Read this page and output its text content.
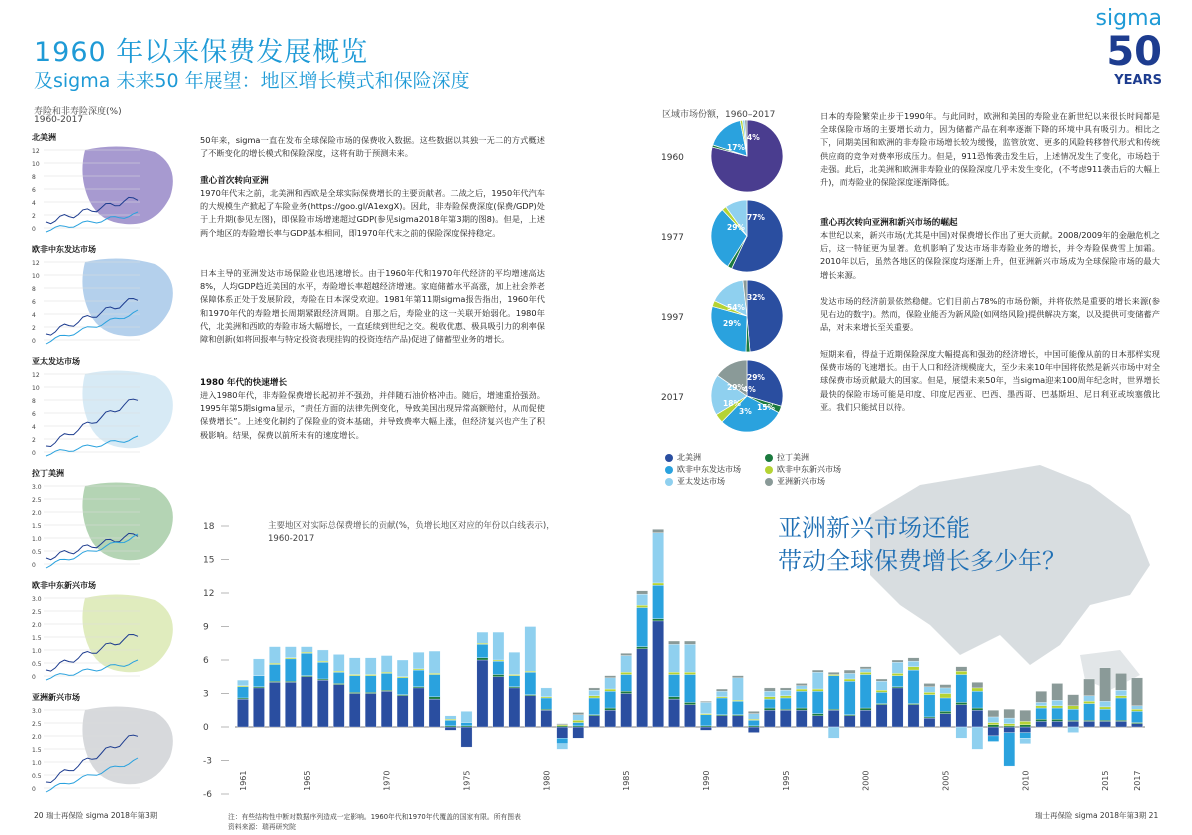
1960 年以来保费发展概览
及sigma 未来50 年展望：地区增长模式和保险深度
sigma
50
YEARS
寿险和非寿险深度(%)
1960-2017
北美洲
12
10
8
6
4
2
0
欧非中东发达市场
12
10
8
6
4
2
0
亚太发达市场
12
10
8
6
4
2
0
拉丁美洲
3.0
2.5
2.0
1.5
1.0
0.5
0
欧非中东新兴市场
3.0
2.5
2.0
1.5
1.0
0.5
0
亚洲新兴市场
3.0
2.5
2.0
1.5
1.0
0.5
0
50年来，sigma一直在发布全球保险市场的保费收入数据。这些数据以其独一无二的方式概述了不断变化的增长模式和保险深度，这将有助于预测未来。
重心首次转向亚洲
1970年代末之前，北美洲和西欧是全球实际保费增长的主要贡献者。二战之后，1950年代汽车的大规模生产掀起了车险业务(https://goo.gl/A1exgX)。因此，非寿险保费深度(保费/GDP)处于上升期(参见左图)，即保险市场增速超过GDP(参见sigma2018年第3期的图8)。但是，上述两个地区的寿险增长率与GDP基本相同，即1970年代末之前的保险深度保持稳定。
日本主导的亚洲发达市场保险业也迅速增长。由于1960年代和1970年代经济的平均增速高达8%，人均GDP趋近美国的水平，寿险增长率超越经济增速。家庭储蓄水平高涨，加上社会养老保障体系正处于发展阶段，寿险在日本深受欢迎。1981年第11期sigma报告指出，1960年代和1970年代的寿险增长周期紧跟经济周期。自那之后，寿险业的这一关联开始弱化。1980年代，北美洲和西欧的寿险市场大幅增长，一直延续到世纪之交。税收优惠、极具吸引力的利率保障和创新(如将回报率与特定投资表现挂钩的投资连结产品)促进了储蓄型业务的增长。
1980 年代的快速增长
进入1980年代，非寿险保费增长起初并不强劲，并伴随石油价格冲击。随后，增速重拾强劲。1995年第5期sigma显示，“责任方面的法律先例变化，导致美国出现异常高额赔付，从而促使保费增长”。上述变化制约了保险业的资本基础，并导致费率大幅上涨，但经济复兴也产生了积极影响。结果，保费以前所未有的速度增长。
区域市场份额，1960–2017
1960
17%
4%
1977
29%
77%
1997
54%
32%
29%
2017
29%
29%
18% 15%
4%
3%
北美洲	拉丁美洲
欧非中东发达市场	欧非中东新兴市场
亚太发达市场	亚洲新兴市场
日本的寿险繁荣止步于1990年。与此同时，欧洲和美国的寿险业在新世纪以来很长时间都是全球保险市场的主要增长动力，因为储蓄产品在利率逐渐下降的环境中具有吸引力。相比之下，同期美国和欧洲的非寿险市场增长较为缓慢，监管放宽、更多的风险转移替代形式和传统供应商的竞争对费率形成压力。但是，911恐怖袭击发生后，上述情况发生了变化，市场趋于走强。此后，北美洲和欧洲非寿险业的保险深度几乎未发生变化，(不考虑911袭击后的大幅上升)，而寿险业的保险深度逐渐降低。
重心再次转向亚洲和新兴市场的崛起
本世纪以来，新兴市场(尤其是中国)对保费增长作出了更大贡献。2008/2009年的金融危机之后，这一特征更为显著。危机影响了发达市场非寿险业务的增长，并令寿险保费雪上加霜。2010年以后，虽然各地区的保险深度均逐渐上升，但亚洲新兴市场成为全球保险市场的最大增长来源。
发达市场的经济前景依然稳健。它们目前占78%的市场份额，并将依然是重要的增长来源(参见右边的数字)。然而，保险业能否为新风险(如网络风险)提供解决方案，以及提供可变储蓄产品，对未来增长至关重要。
短期来看，得益于近期保险深度大幅提高和强劲的经济增长，中国可能像从前的日本那样实现保费市场的飞速增长。由于人口和经济规模庞大，至少未来10年中国将依然是新兴市场中对全球保费市场贡献最大的国家。但是，展望未来50年，当sigma迎来100周年纪念时，世界增长最快的保险市场可能是印度、印度尼西亚、巴西、墨西哥、巴基斯坦、尼日利亚或埃塞俄比亚。我们只能拭目以待。
亚洲新兴市场还能
带动全球保费增长多少年？
主要地区对实际总保费增长的贡献(%，负增长地区对应的年份以白线表示)，1960-2017
18
15
12
9
6
3
0
-3
-6
1961	1965	1970	1975	1980	1985	1990	1995	2000	2005	2010	2015	2017
20 瑞士再保险 sigma 2018年第3期	注：有些结构性中断对数据序列造成一定影响。1960年代和1970年代覆盖的国家有限。所有图表
资料来源：瑞再研究院
瑞士再保险 sigma 2018年第3期 21
